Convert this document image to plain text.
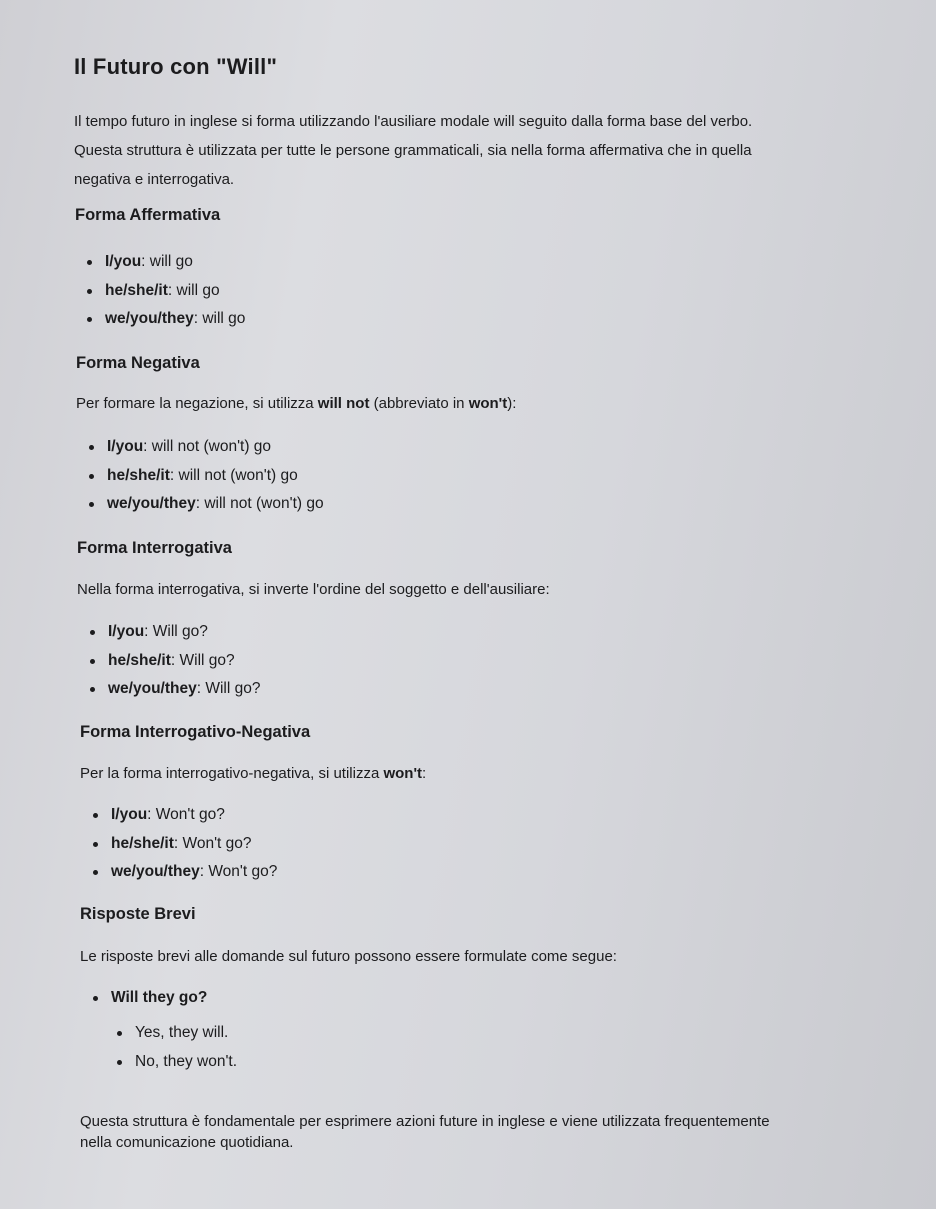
Il Futuro con "Will"

Il tempo futuro in inglese si forma utilizzando l'ausiliare modale will seguito dalla forma base del verbo.
Questa struttura è utilizzata per tutte le persone grammaticali, sia nella forma affermativa che in quella
negativa e interrogativa.

Forma Affermativa

I/you: will go
he/she/it: will go
we/you/they: will go

Forma Negativa

Per formare la negazione, si utilizza will not (abbreviato in won't):

I/you: will not (won't) go
he/she/it: will not (won't) go
we/you/they: will not (won't) go

Forma Interrogativa

Nella forma interrogativa, si inverte l'ordine del soggetto e dell'ausiliare:

I/you: Will go?
he/she/it: Will go?
we/you/they: Will go?

Forma Interrogativo-Negativa

Per la forma interrogativo-negativa, si utilizza won't:

I/you: Won't go?
he/she/it: Won't go?
we/you/they: Won't go?

Risposte Brevi

Le risposte brevi alle domande sul futuro possono essere formulate come segue:

Will they go?
Yes, they will.
No, they won't.

Questa struttura è fondamentale per esprimere azioni future in inglese e viene utilizzata frequentemente
nella comunicazione quotidiana.
